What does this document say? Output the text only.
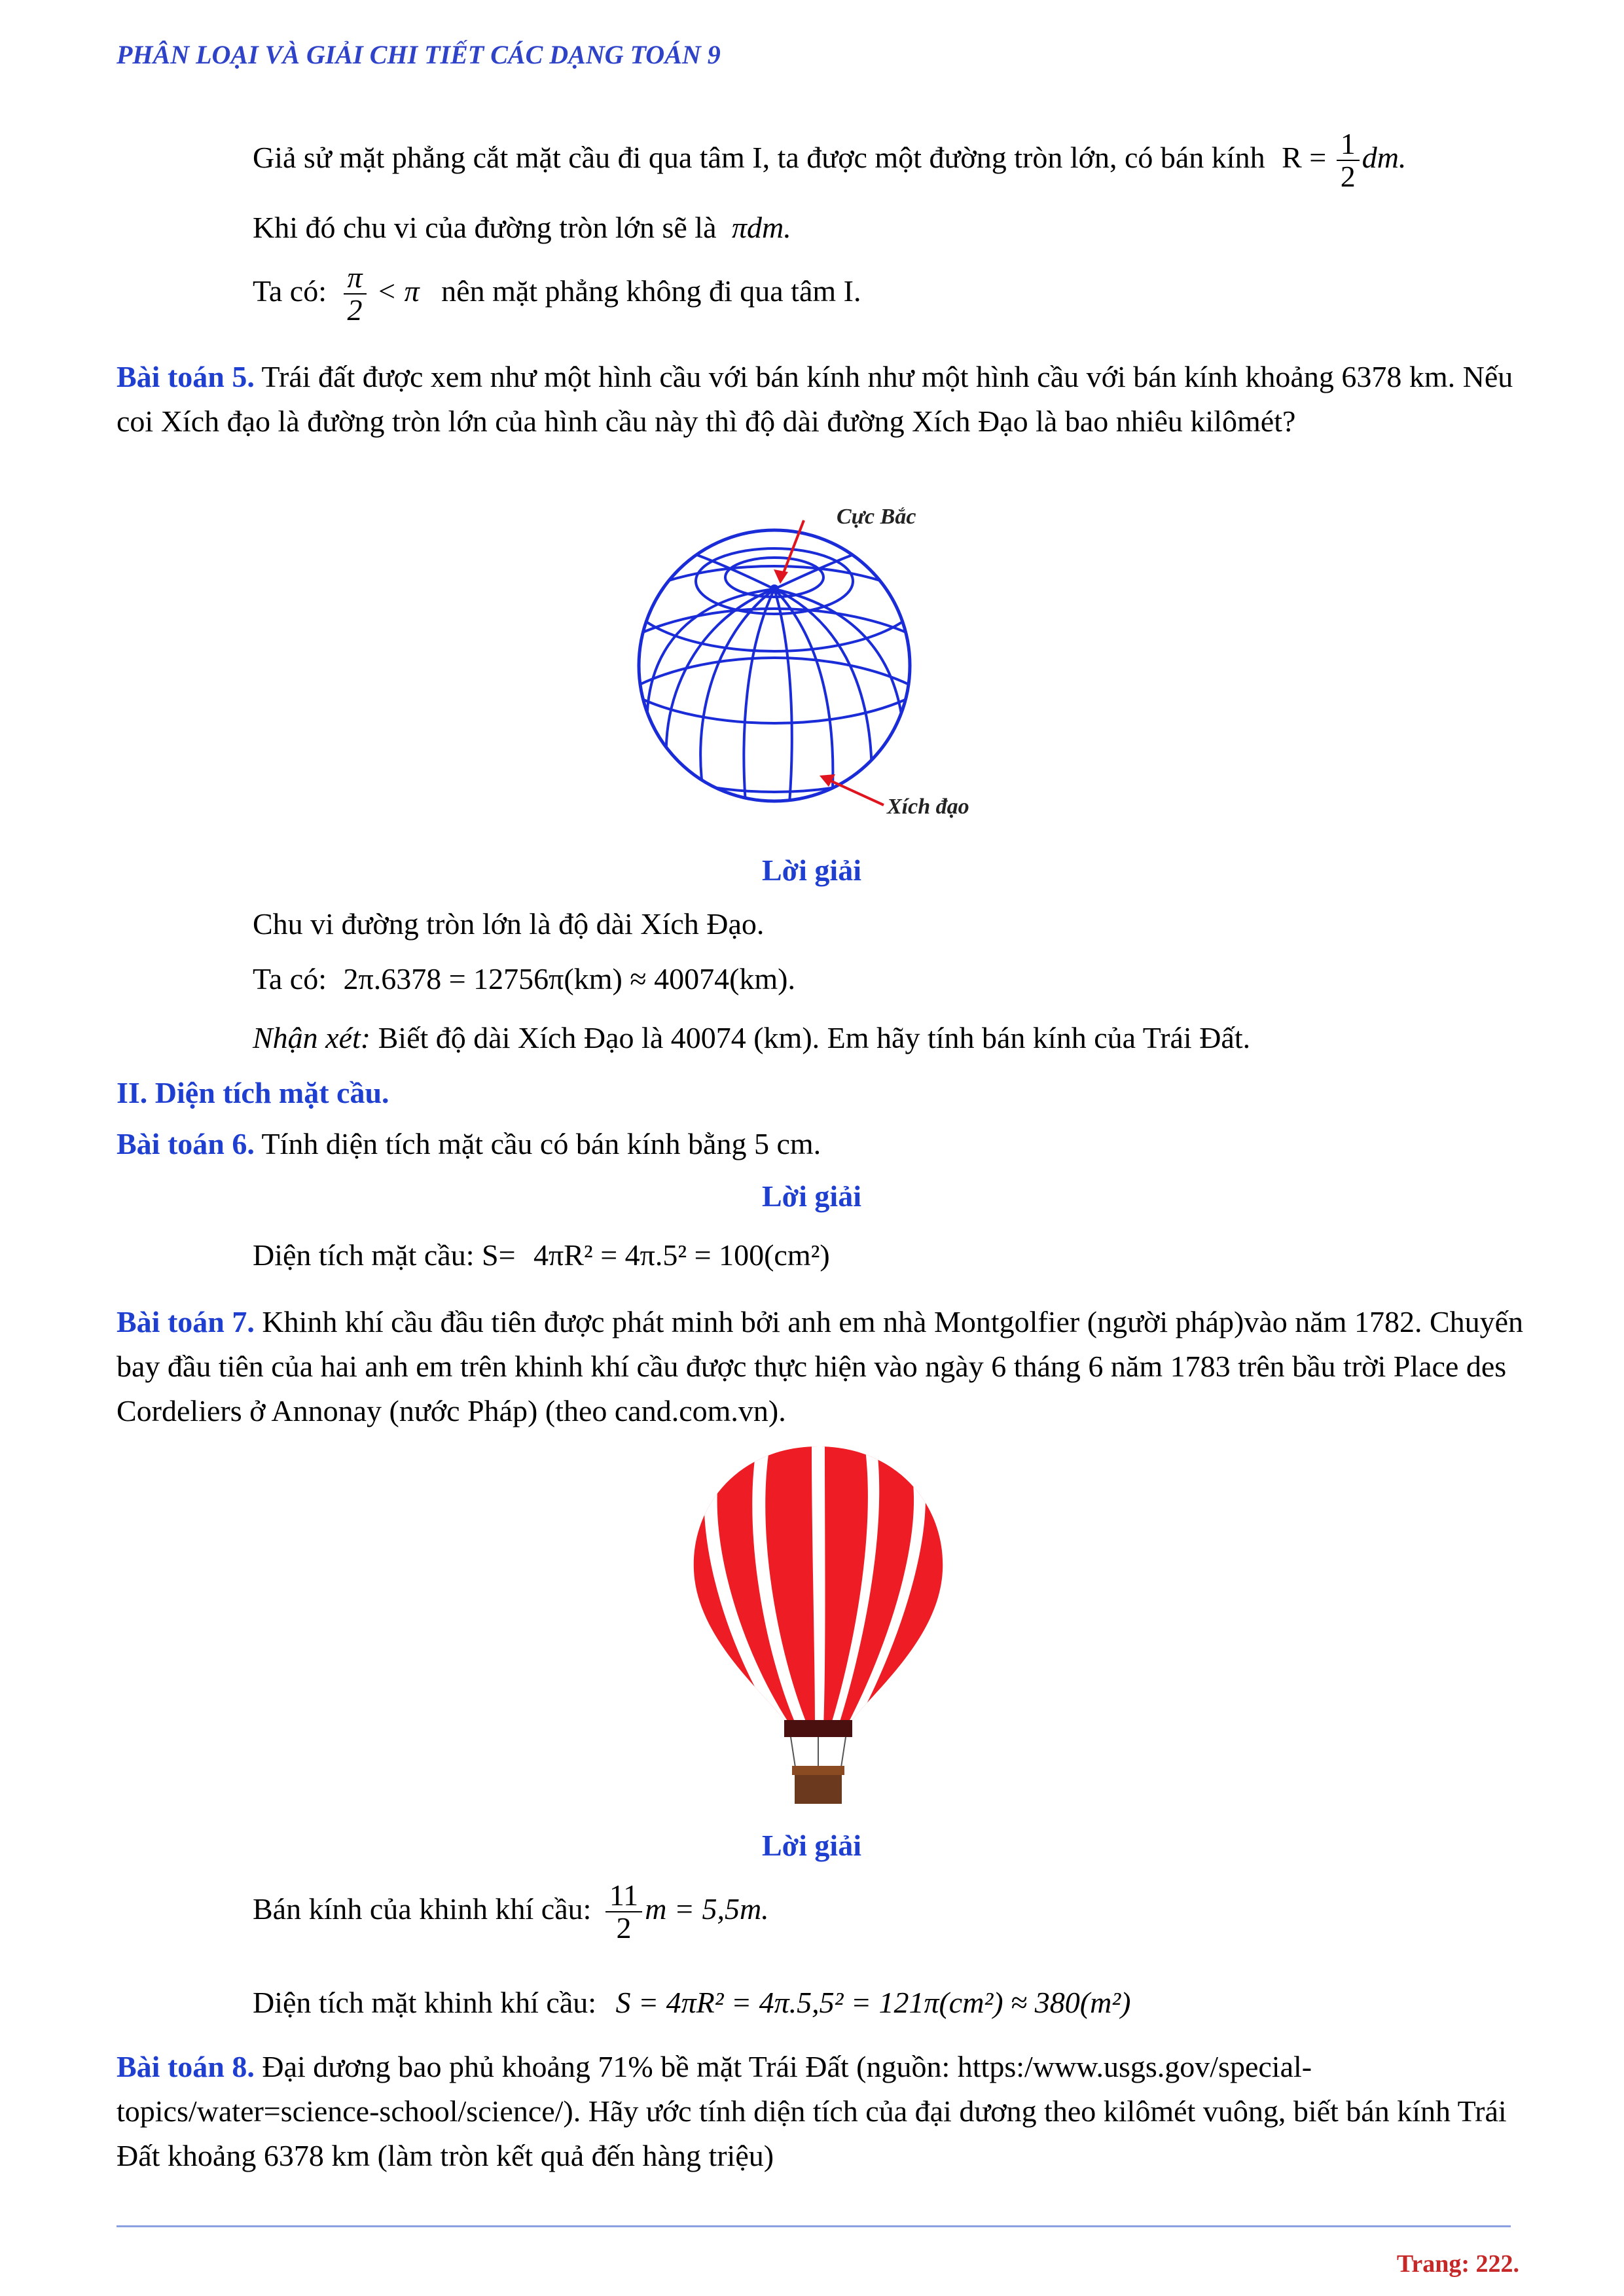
PHÂN LOẠI VÀ GIẢI CHI TIẾT CÁC DẠNG TOÁN 9
Giả sử mặt phẳng cắt mặt cầu đi qua tâm I, ta được một đường tròn lớn, có bán kính $R = \frac{1}{2}$ dm.
Khi đó chu vi của đường tròn lớn sẽ là πdm.
Ta có: $\frac{\pi}{2} < \pi$ nên mặt phẳng không đi qua tâm I.
Bài toán 5. Trái đất được xem như một hình cầu với bán kính như một hình cầu với bán kính khoảng 6378 km. Nếu coi Xích đạo là đường tròn lớn của hình cầu này thì độ dài đường Xích Đạo là bao nhiêu kilômét?
Cực Bắc
Xích đạo
Lời giải
Chu vi đường tròn lớn là độ dài Xích Đạo.
Ta có: 2π.6378 = 12756π(km) ≈ 40074(km).
Nhận xét: Biết độ dài Xích Đạo là 40074 (km). Em hãy tính bán kính của Trái Đất.
II. Diện tích mặt cầu.
Bài toán 6. Tính diện tích mặt cầu có bán kính bằng 5 cm.
Lời giải
Diện tích mặt cầu: S= 4πR² = 4π.5² = 100(cm²)
Bài toán 7. Khinh khí cầu đầu tiên được phát minh bởi anh em nhà Montgolfier (người pháp)vào năm 1782. Chuyến bay đầu tiên của hai anh em trên khinh khí cầu được thực hiện vào ngày 6 tháng 6 năm 1783 trên bầu trời Place des Cordeliers ở Annonay (nước Pháp) (theo cand.com.vn).
Lời giải
Bán kính của khinh khí cầu: $\frac{11}{2}$ m = 5,5m.
Diện tích mặt khinh khí cầu: S = 4πR² = 4π.5,5² = 121π(cm²) ≈ 380(m²)
Bài toán 8. Đại dương bao phủ khoảng 71% bề mặt Trái Đất (nguồn: https:/www.usgs.gov/special-topics/water=science-school/science/). Hãy ước tính diện tích của đại dương theo kilômét vuông, biết bán kính Trái Đất khoảng 6378 km (làm tròn kết quả đến hàng triệu)
Trang: 222.
